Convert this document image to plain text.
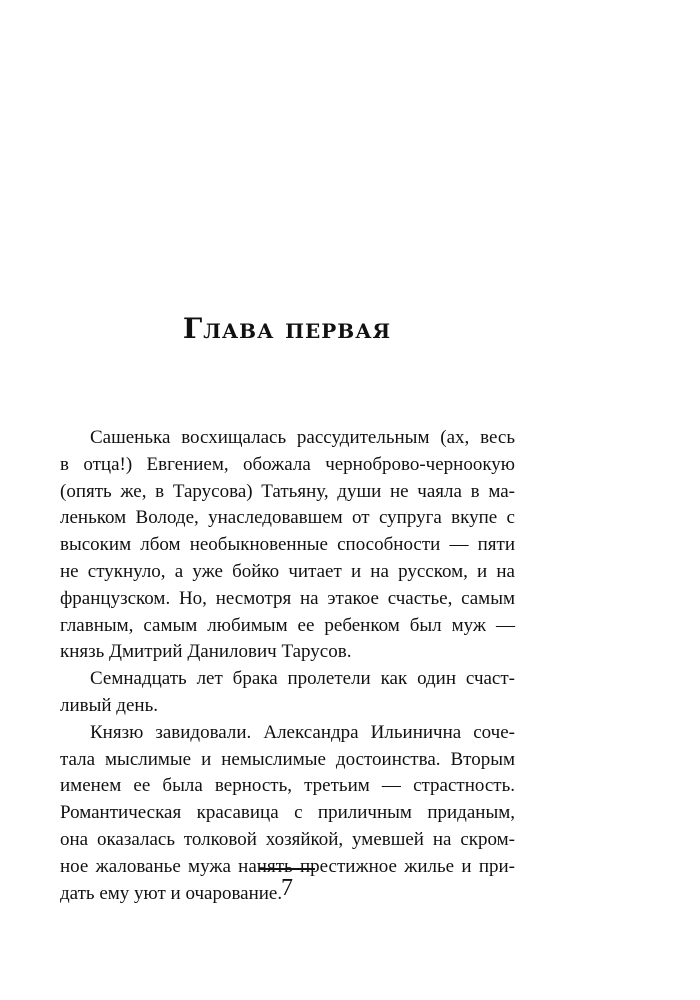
Глава первая

Сашенька восхищалась рассудительным (ах, весь
в отца!) Евгением, обожала черноброво-черноокую
(опять же, в Тарусова) Татьяну, души не чаяла в ма-
леньком Володе, унаследовавшем от супруга вкупе с
высоким лбом необыкновенные способности — пяти
не стукнуло, а уже бойко читает и на русском, и на
французском. Но, несмотря на этакое счастье, самым
главным, самым любимым ее ребенком был муж —
князь Дмитрий Данилович Тарусов.

Семнадцать лет брака пролетели как один счаст-
ливый день.

Князю завидовали. Александра Ильинична сочe-
тала мыслимые и немыслимые достоинства. Вторым
именем ее была верность, третьим — страстность.
Романтическая красавица с приличным приданым,
она оказалась толковой хозяйкой, умевшей на скром-
ное жалованье мужа нанять престижное жилье и при-
дать ему уют и очарование.

7
